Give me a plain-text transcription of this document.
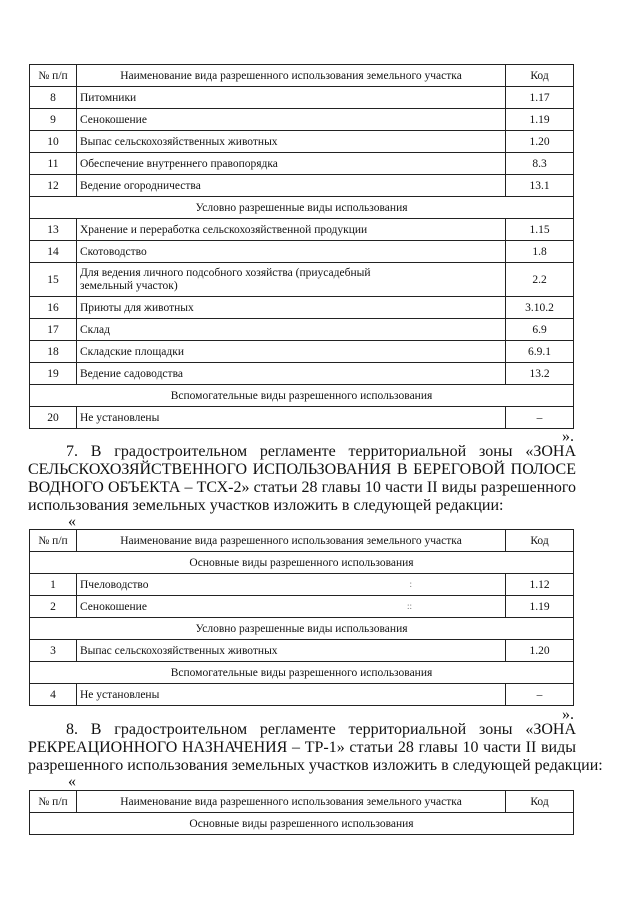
№ п/п	Наименование вида разрешенного использования земельного участка	Код
8	Питомники	1.17
9	Сенокошение	1.19
10	Выпас сельскохозяйственных животных	1.20
11	Обеспечение внутреннего правопорядка	8.3
12	Ведение огородничества	13.1
Условно разрешенные виды использования		
13	Хранение и переработка сельскохозяйственной продукции	1.15
14	Скотоводство	1.8
15	Для ведения личного подсобного хозяйства (приусадебный земельный участок)	2.2
16	Приюты для животных	3.10.2
17	Склад	6.9
18	Складские площадки	6.9.1
19	Ведение садоводства	13.2
Вспомогательные виды разрешенного использования		
20	Не установлены	–
».

7. В градостроительном регламенте территориальной зоны «ЗОНА
СЕЛЬСКОХОЗЯЙСТВЕННОГО ИСПОЛЬЗОВАНИЯ В БЕРЕГОВОЙ ПОЛОСЕ
ВОДНОГО ОБЪЕКТА – ТСХ-2» статьи 28 главы 10 части II виды разрешенного
использования земельных участков изложить в следующей редакции:

«
№ п/п	Наименование вида разрешенного использования земельного участка	Код
Основные виды разрешенного использования		
1	Пчеловодство :	1.12
2	Сенокошение ::	1.19
Условно разрешенные виды использования		
3	Выпас сельскохозяйственных животных	1.20
Вспомогательные виды разрешенного использования		
4	Не установлены	–
».

8. В градостроительном регламенте территориальной зоны «ЗОНА
РЕКРЕАЦИОННОГО НАЗНАЧЕНИЯ – ТР-1» статьи 28 главы 10 части II виды
разрешенного использования земельных участков изложить в следующей редакции:

«
№ п/п	Наименование вида разрешенного использования земельного участка	Код
Основные виды разрешенного использования
